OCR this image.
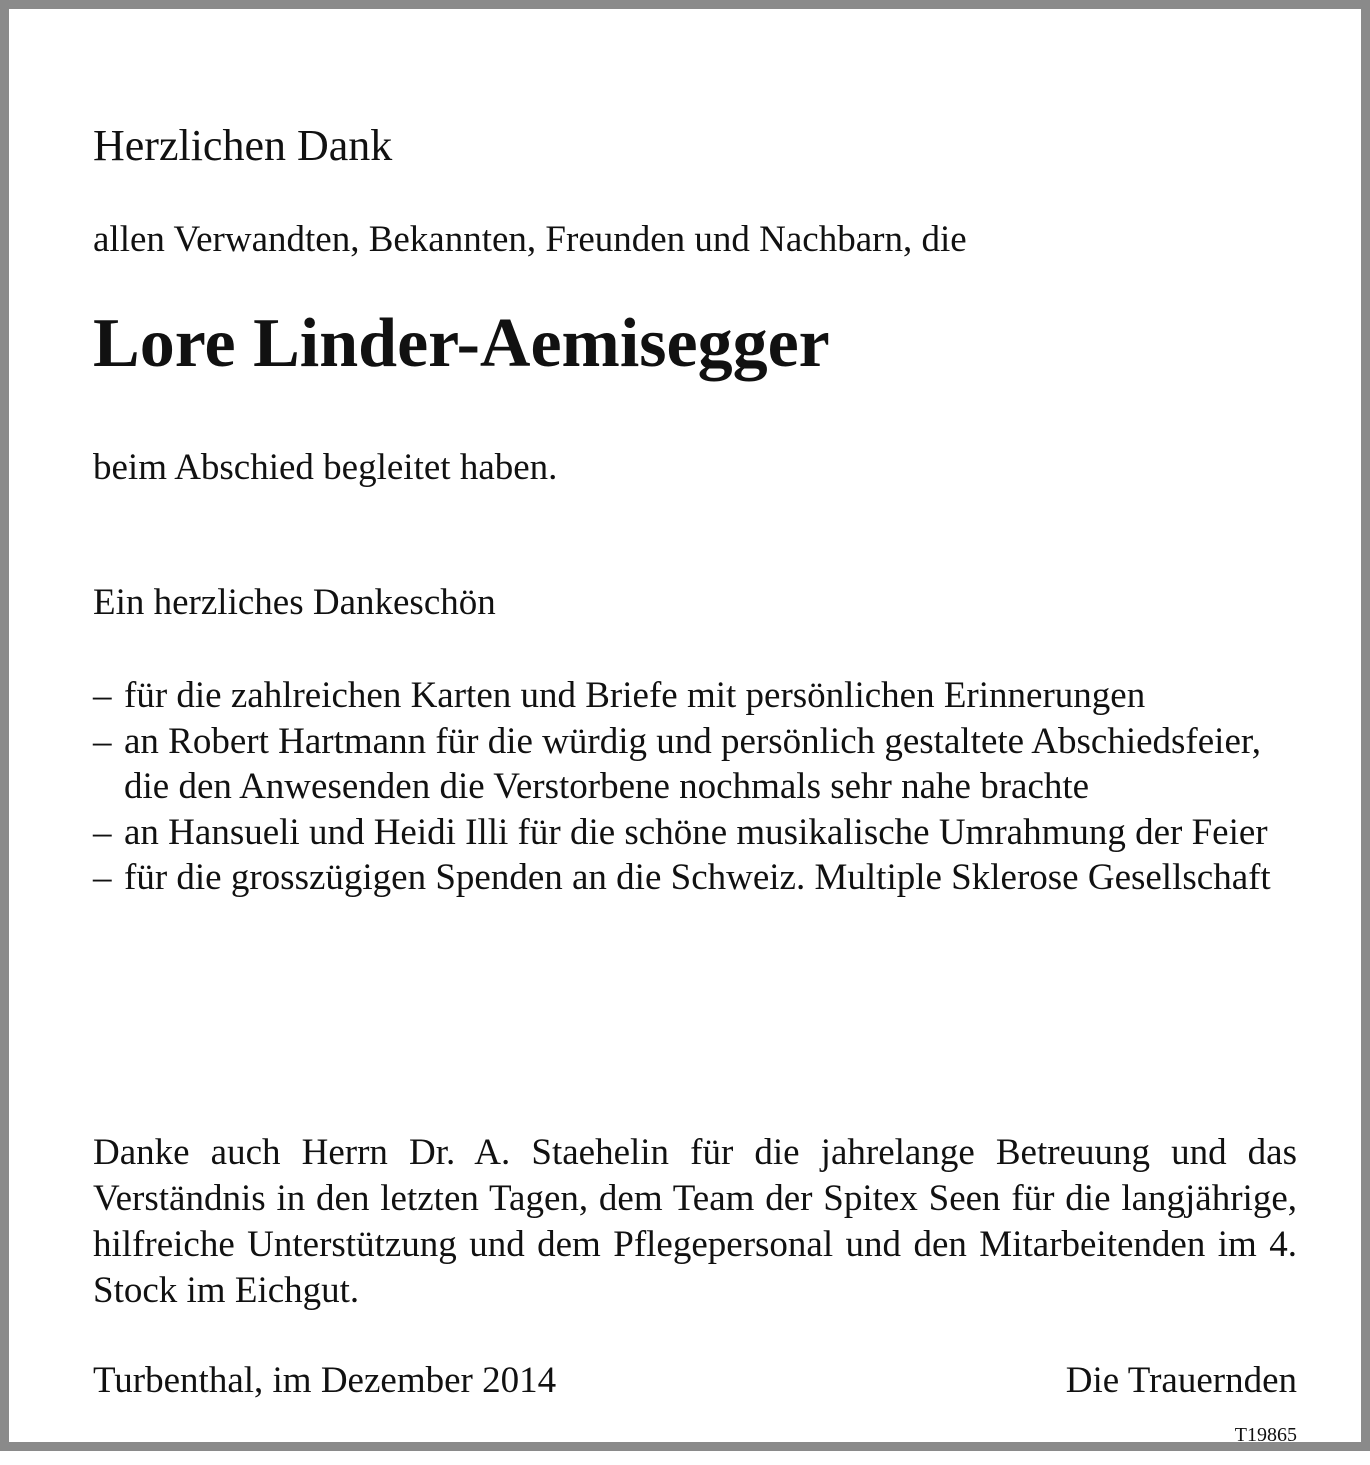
Herzlichen Dank
allen Verwandten, Bekannten, Freunden und Nachbarn, die
Lore Linder-Aemisegger
beim Abschied begleitet haben.
Ein herzliches Dankeschön
– für die zahlreichen Karten und Briefe mit persönlichen Erinnerungen
– an Robert Hartmann für die würdig und persönlich gestaltete Abschiedsfeier, die den Anwesenden die Verstorbene nochmals sehr nahe brachte
– an Hansueli und Heidi Illi für die schöne musikalische Umrahmung der Feier
– für die grosszügigen Spenden an die Schweiz. Multiple Sklerose Gesellschaft
Danke auch Herrn Dr. A. Staehelin für die jahrelange Betreuung und das Verständnis in den letzten Tagen, dem Team der Spitex Seen für die langjährige, hilfreiche Unterstützung und dem Pflegepersonal und den Mitarbeitenden im 4. Stock im Eichgut.
Turbenthal, im Dezember 2014	Die Trauernden
T19865
